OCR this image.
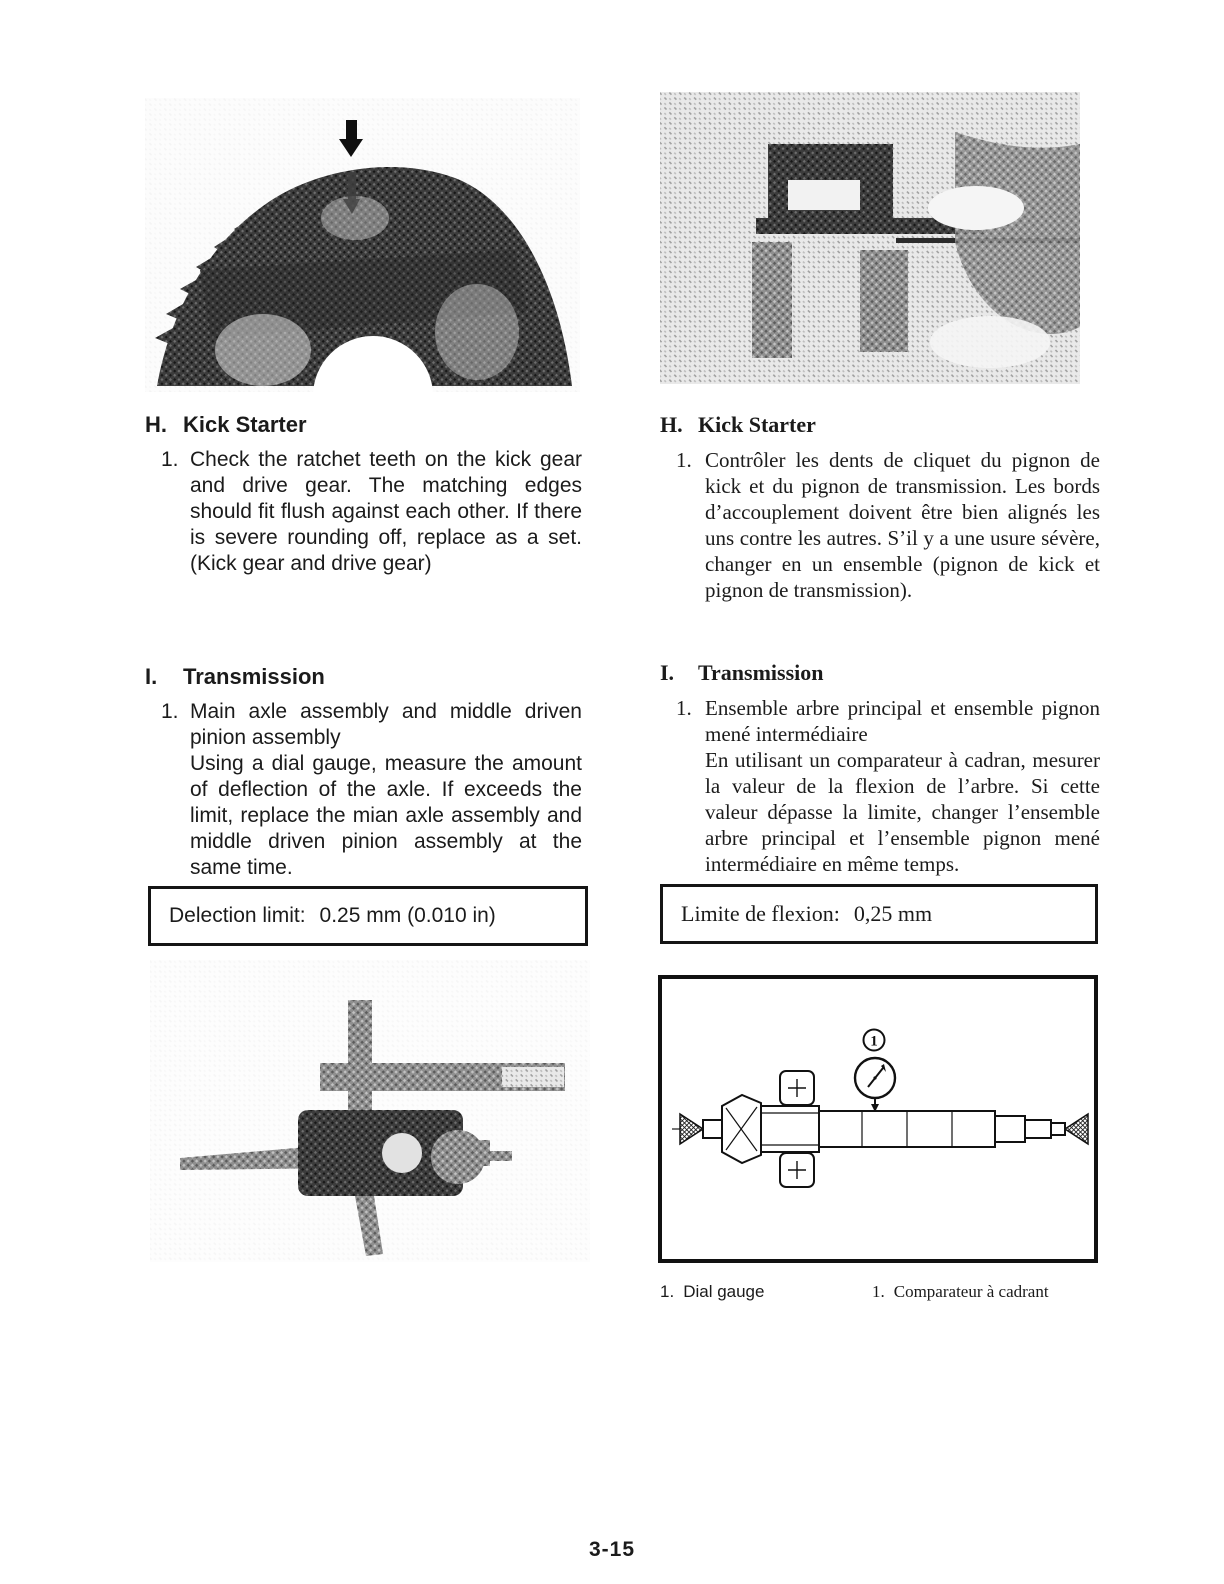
H. Kick Starter
1. Check the ratchet teeth on the kick gear and drive gear. The matching edges should fit flush against each other. If there is severe rounding off, replace as a set. (Kick gear and drive gear)
H. Kick Starter
1. Contrôler les dents de cliquet du pignon de kick et du pignon de transmission. Les bords d’accouplement doivent être bien alignés les uns contre les autres. S’il y a une usure sévère, changer en un ensemble (pignon de kick et pignon de transmission).
I.	Transmission
1. Main axle assembly and middle driven pinion assembly
Using a dial gauge, measure the amount of deflection of the axle. If exceeds the limit, replace the mian axle assembly and middle driven pinion assembly at the same time.
I.	Transmission
1. Ensemble arbre principal et ensemble pignon mené intermédiaire
En utilisant un comparateur à cadran, mesurer la valeur de la flexion de l’arbre. Si cette valeur dépasse la limite, changer l’ensemble arbre principal et l’ensemble pignon mené intermédiaire en même temps.
Delection limit: 0.25 mm (0.010 in)	Limite de flexion: 0,25 mm
1
1. Dial gauge	1. Comparateur à cadrant
3-15
